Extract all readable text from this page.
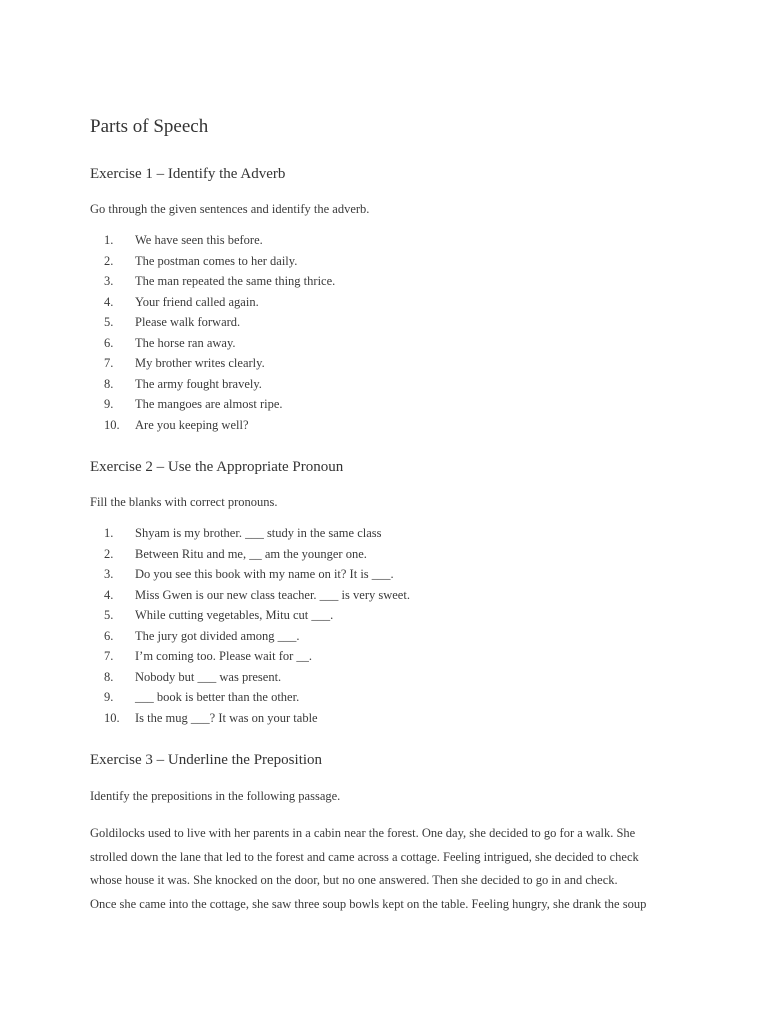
Parts of Speech
Exercise 1 – Identify the Adverb

Go through the given sentences and identify the adverb.

1.	We have seen this before.
2.	The postman comes to her daily.
3.	The man repeated the same thing thrice.
4.	Your friend called again.
5.	Please walk forward.
6.	The horse ran away.
7.	My brother writes clearly.
8.	The army fought bravely.
9.	The mangoes are almost ripe.
10.	Are you keeping well?
Exercise 2 – Use the Appropriate Pronoun

Fill the blanks with correct pronouns.

1.	Shyam is my brother. ___ study in the same class
2.	Between Ritu and me, __ am the younger one.
3.	Do you see this book with my name on it? It is ___.
4.	Miss Gwen is our new class teacher. ___ is very sweet.
5.	While cutting vegetables, Mitu cut ___.
6.	The jury got divided among ___.
7.	I’m coming too. Please wait for __.
8.	Nobody but ___ was present.
9.	___ book is better than the other.
10.	Is the mug ___? It was on your table
Exercise 3 – Underline the Preposition

Identify the prepositions in the following passage.

Goldilocks used to live with her parents in a cabin near the forest. One day, she decided to go for a walk. She
strolled down the lane that led to the forest and came across a cottage. Feeling intrigued, she decided to check
whose house it was. She knocked on the door, but no one answered. Then she decided to go in and check.
Once she came into the cottage, she saw three soup bowls kept on the table. Feeling hungry, she drank the soup
